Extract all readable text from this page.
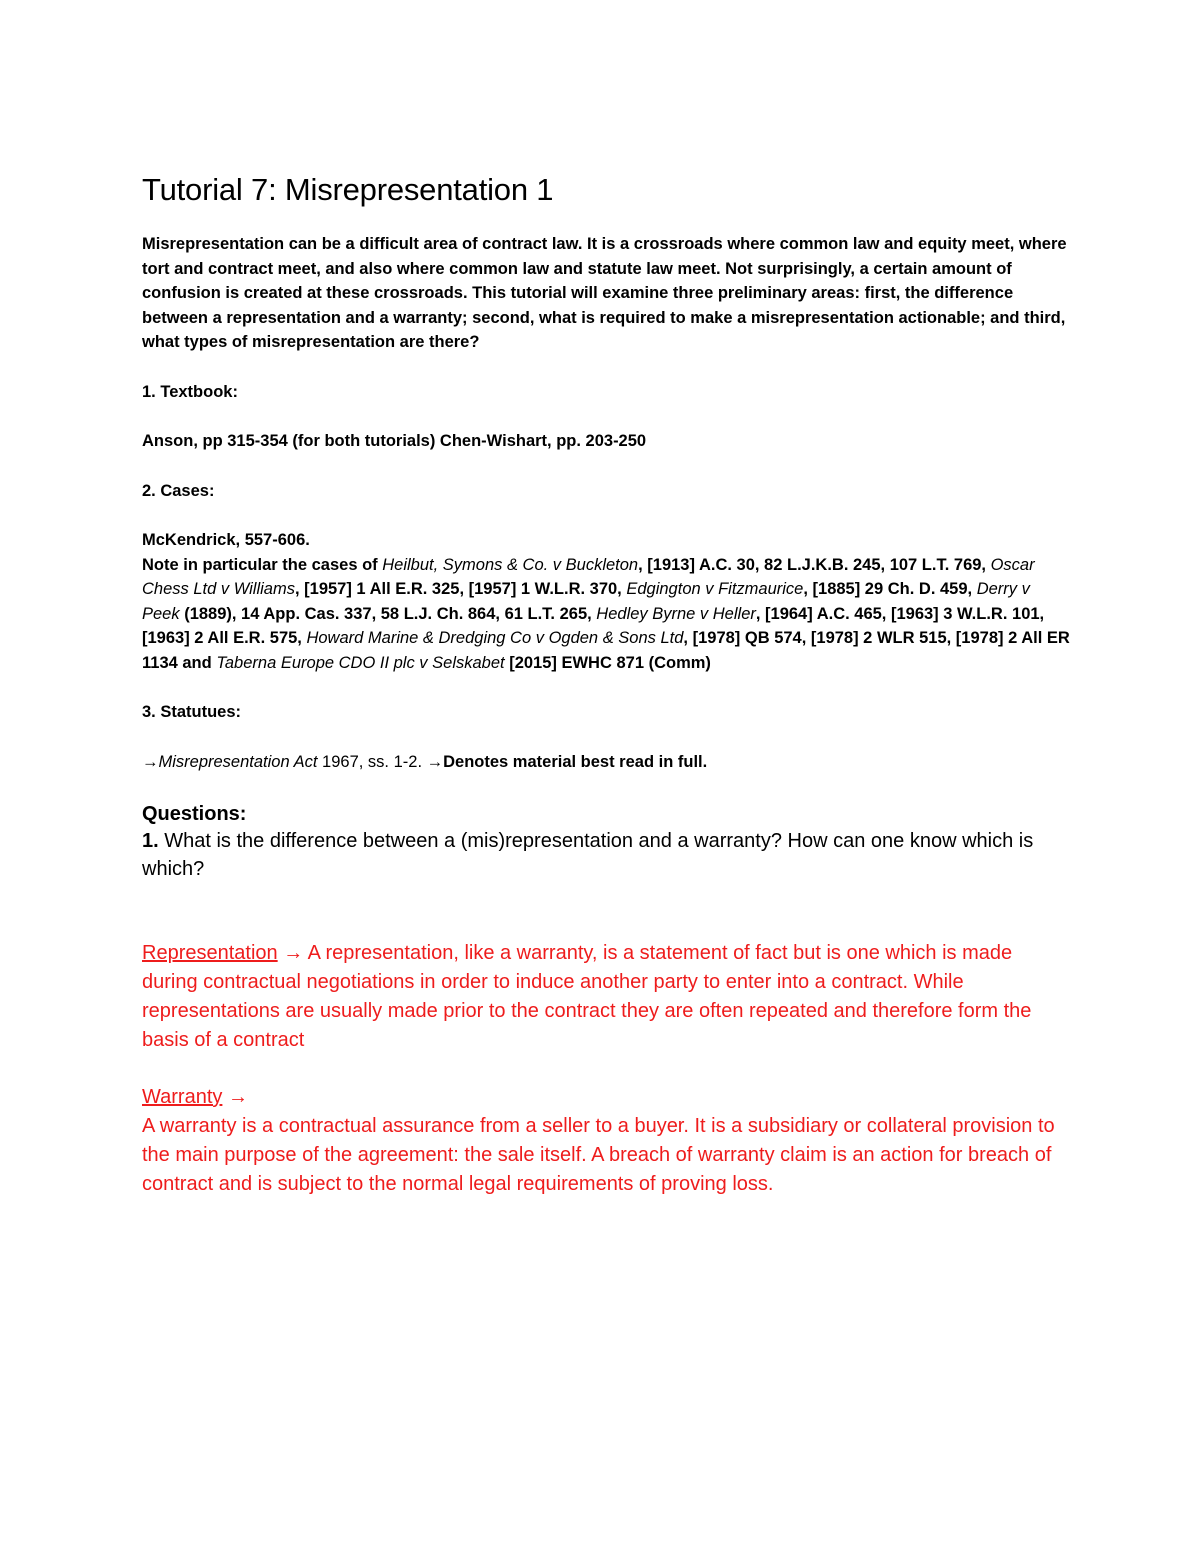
Tutorial 7: Misrepresentation 1

Misrepresentation can be a difficult area of contract law. It is a crossroads where common law and equity meet, where tort and contract meet, and also where common law and statute law meet. Not surprisingly, a certain amount of confusion is created at these crossroads. This tutorial will examine three preliminary areas: first, the difference between a representation and a warranty; second, what is required to make a misrepresentation actionable; and third, what types of misrepresentation are there?

1. Textbook:

Anson, pp 315-354 (for both tutorials) Chen-Wishart, pp. 203-250

2. Cases:

McKendrick, 557-606.
Note in particular the cases of Heilbut, Symons & Co. v Buckleton, [1913] A.C. 30, 82 L.J.K.B. 245, 107 L.T. 769, Oscar Chess Ltd v Williams, [1957] 1 All E.R. 325, [1957] 1 W.L.R. 370, Edgington v Fitzmaurice, [1885] 29 Ch. D. 459, Derry v Peek (1889), 14 App. Cas. 337, 58 L.J. Ch. 864, 61 L.T. 265, Hedley Byrne v Heller, [1964] A.C. 465, [1963] 3 W.L.R. 101, [1963] 2 All E.R. 575, Howard Marine & Dredging Co v Ogden & Sons Ltd, [1978] QB 574, [1978] 2 WLR 515, [1978] 2 All ER 1134 and Taberna Europe CDO II plc v Selskabet [2015] EWHC 871 (Comm)

3. Statutues:

→Misrepresentation Act 1967, ss. 1-2. →Denotes material best read in full.

Questions:

1. What is the difference between a (mis)representation and a warranty? How can one know which is which?

Representation → A representation, like a warranty, is a statement of fact but is one which is made during contractual negotiations in order to induce another party to enter into a contract. While representations are usually made prior to the contract they are often repeated and therefore form the basis of a contract

Warranty →
A warranty is a contractual assurance from a seller to a buyer. It is a subsidiary or collateral provision to the main purpose of the agreement: the sale itself. A breach of warranty claim is an action for breach of contract and is subject to the normal legal requirements of proving loss.
